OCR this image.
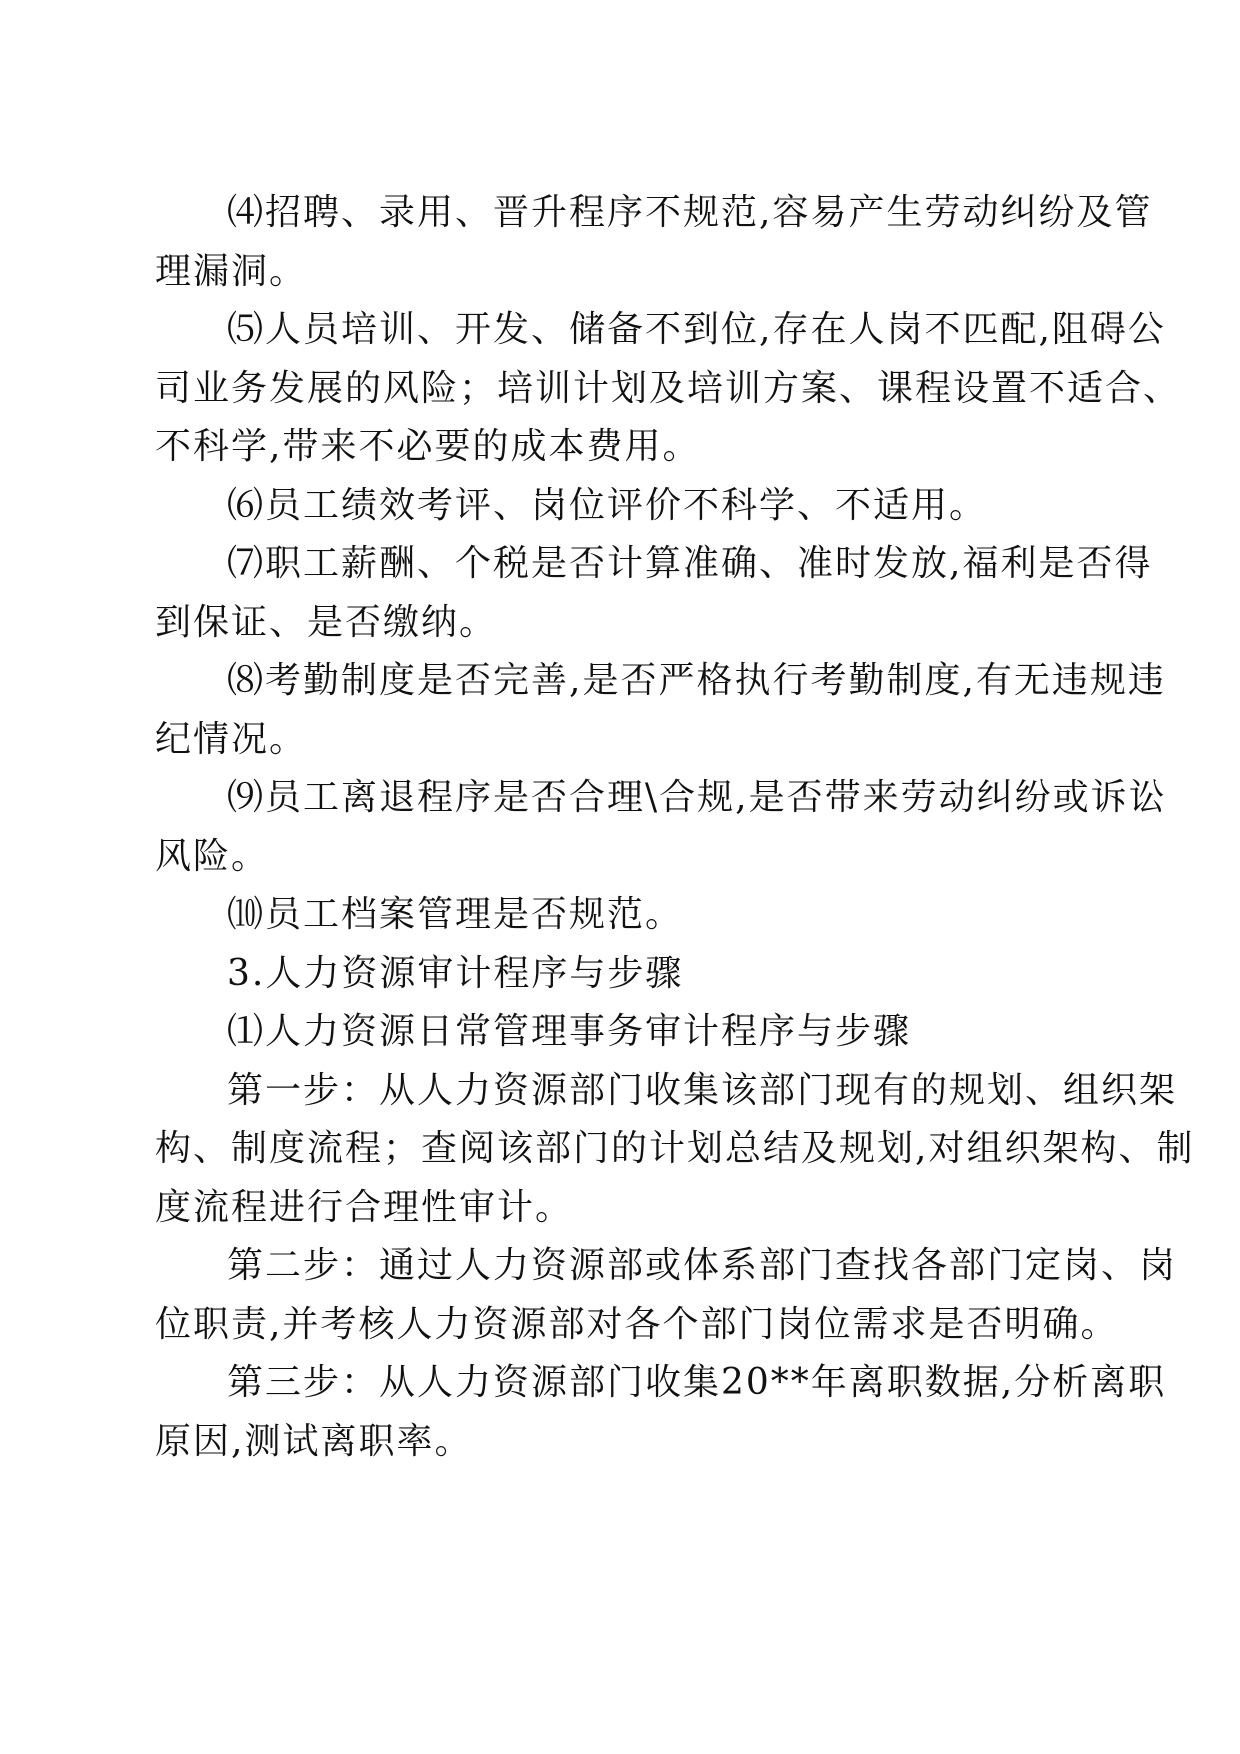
⑷招聘、录用、晋升程序不规范,容易产生劳动纠纷及管
理漏洞。
⑸人员培训、开发、储备不到位,存在人岗不匹配,阻碍公
司业务发展的风险；培训计划及培训方案、课程设置不适合、
不科学,带来不必要的成本费用。
⑹员工绩效考评、岗位评价不科学、不适用。
⑺职工薪酬、个税是否计算准确、准时发放,福利是否得
到保证、是否缴纳。
⑻考勤制度是否完善,是否严格执行考勤制度,有无违规违
纪情况。
⑼员工离退程序是否合理\合规,是否带来劳动纠纷或诉讼
风险。
⑽员工档案管理是否规范。
3.人力资源审计程序与步骤
⑴人力资源日常管理事务审计程序与步骤
第一步：从人力资源部门收集该部门现有的规划、组织架
构、制度流程；查阅该部门的计划总结及规划,对组织架构、制
度流程进行合理性审计。
第二步：通过人力资源部或体系部门查找各部门定岗、岗
位职责,并考核人力资源部对各个部门岗位需求是否明确。
第三步：从人力资源部门收集20**年离职数据,分析离职
原因,测试离职率。
